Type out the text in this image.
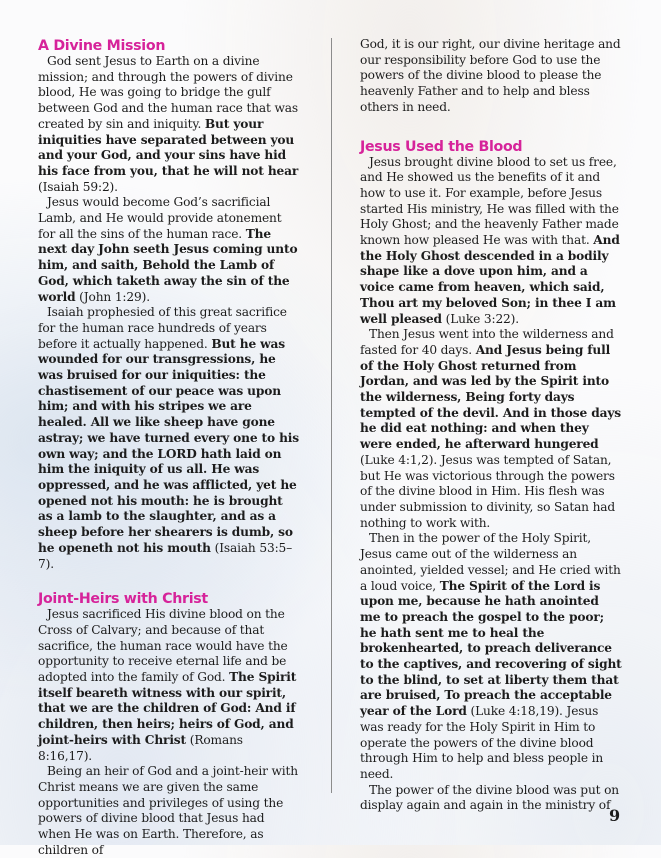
A Divine Mission

God sent Jesus to Earth on a divine mission; and through the powers of divine blood, He was going to bridge the gulf between God and the human race that was created by sin and iniquity. But your iniquities have separated between you and your God, and your sins have hid his face from you, that he will not hear (Isaiah 59:2).

Jesus would become God’s sacrificial Lamb, and He would provide atonement for all the sins of the human race. The next day John seeth Jesus coming unto him, and saith, Behold the Lamb of God, which taketh away the sin of the world (John 1:29).

Isaiah prophesied of this great sacrifice for the human race hundreds of years before it actually happened. But he was wounded for our transgressions, he was bruised for our iniquities: the chastisement of our peace was upon him; and with his stripes we are healed. All we like sheep have gone astray; we have turned every one to his own way; and the LORD hath laid on him the iniquity of us all. He was oppressed, and he was afflicted, yet he opened not his mouth: he is brought as a lamb to the slaughter, and as a sheep before her shearers is dumb, so he openeth not his mouth (Isaiah 53:5–7).

Joint-Heirs with Christ

Jesus sacrificed His divine blood on the Cross of Calvary; and because of that sacrifice, the human race would have the opportunity to receive eternal life and be adopted into the family of God. The Spirit itself beareth witness with our spirit, that we are the children of God: And if children, then heirs; heirs of God, and joint-heirs with Christ (Romans 8:16,17).

Being an heir of God and a joint-heir with Christ means we are given the same opportunities and privileges of using the powers of divine blood that Jesus had when He was on Earth. Therefore, as children of

God, it is our right, our divine heritage and our responsibility before God to use the powers of the divine blood to please the heavenly Father and to help and bless others in need.

Jesus Used the Blood

Jesus brought divine blood to set us free, and He showed us the benefits of it and how to use it. For example, before Jesus started His ministry, He was filled with the Holy Ghost; and the heavenly Father made known how pleased He was with that. And the Holy Ghost descended in a bodily shape like a dove upon him, and a voice came from heaven, which said, Thou art my beloved Son; in thee I am well pleased (Luke 3:22).

Then Jesus went into the wilderness and fasted for 40 days. And Jesus being full of the Holy Ghost returned from Jordan, and was led by the Spirit into the wilderness, Being forty days tempted of the devil. And in those days he did eat nothing: and when they were ended, he afterward hungered (Luke 4:1,2). Jesus was tempted of Satan, but He was victorious through the powers of the divine blood in Him. His flesh was under submission to divinity, so Satan had nothing to work with.

Then in the power of the Holy Spirit, Jesus came out of the wilderness an anointed, yielded vessel; and He cried with a loud voice, The Spirit of the Lord is upon me, because he hath anointed me to preach the gospel to the poor; he hath sent me to heal the brokenhearted, to preach deliverance to the captives, and recovering of sight to the blind, to set at liberty them that are bruised, To preach the acceptable year of the Lord (Luke 4:18,19). Jesus was ready for the Holy Spirit in Him to operate the powers of the divine blood through Him to help and bless people in need.

The power of the divine blood was put on display again and again in the ministry of

9
